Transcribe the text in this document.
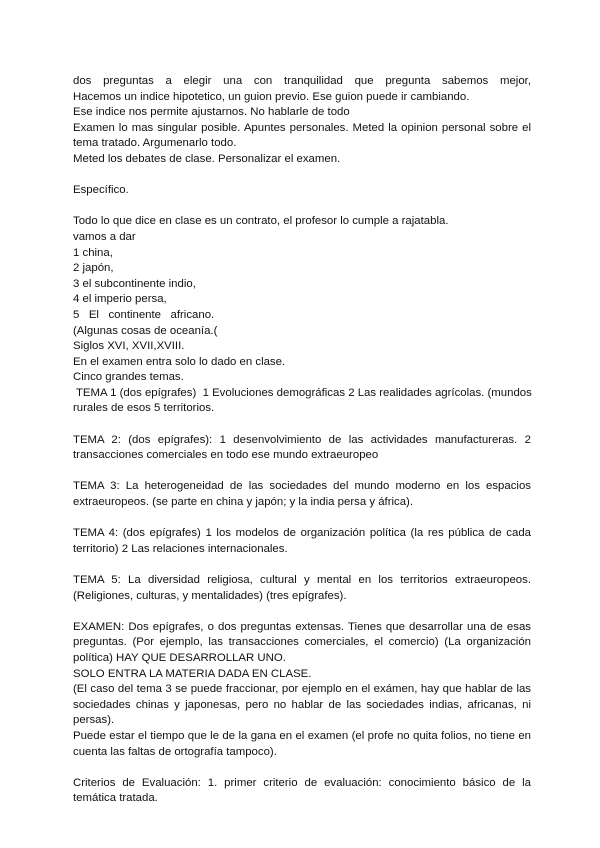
dos preguntas a elegir una con tranquilidad que pregunta sabemos mejor,
Hacemos un indice hipotetico, un guion previo. Ese guion puede ir cambiando.
Ese indice nos permite ajustarnos. No hablarle de todo
Examen lo mas singular posible. Apuntes personales. Meted la opinion personal sobre el
tema tratado. Argumenarlo todo.
Meted los debates de clase. Personalizar el examen.
Específico.
Todo lo que dice en clase es un contrato, el profesor lo cumple a rajatabla.
vamos a dar
1 china,
2 japón,
3 el subcontinente indio,
4 el imperio persa,
5   El   continente   africano.
(Algunas cosas de oceanía.(
Siglos XVI, XVII,XVIII.
En el examen entra solo lo dado en clase.
Cinco grandes temas.
TEMA 1 (dos epígrafes)  1 Evoluciones demográficas 2 Las realidades agrícolas. (mundos
rurales de esos 5 territorios.
TEMA 2: (dos epígrafes): 1 desenvolvimiento de las actividades manufactureras. 2 transacciones comerciales en todo ese mundo extraeuropeo
TEMA 3: La heterogeneidad de las sociedades del mundo moderno en los espacios extraeuropeos. (se parte en china y japón; y la india persa y áfrica).
TEMA 4: (dos epígrafes) 1 los modelos de organización política (la res pública de cada territorio) 2 Las relaciones internacionales.
TEMA 5: La diversidad religiosa, cultural y mental en los territorios extraeuropeos. (Religiones, culturas, y mentalidades) (tres epígrafes).
EXAMEN: Dos epígrafes, o dos preguntas extensas. Tienes que desarrollar una de esas preguntas. (Por ejemplo, las transacciones comerciales, el comercio) (La organización política) HAY QUE DESARROLLAR UNO.
SOLO ENTRA LA MATERIA DADA EN CLASE.
(El caso del tema 3 se puede fraccionar, por ejemplo en el exámen, hay que hablar de las sociedades chinas y japonesas, pero no hablar de las sociedades indias, africanas, ni persas).
Puede estar el tiempo que le de la gana en el examen (el profe no quita folios, no tiene en cuenta las faltas de ortografía tampoco).
Criterios de Evaluación: 1. primer criterio de evaluación: conocimiento básico de la temática tratada.
